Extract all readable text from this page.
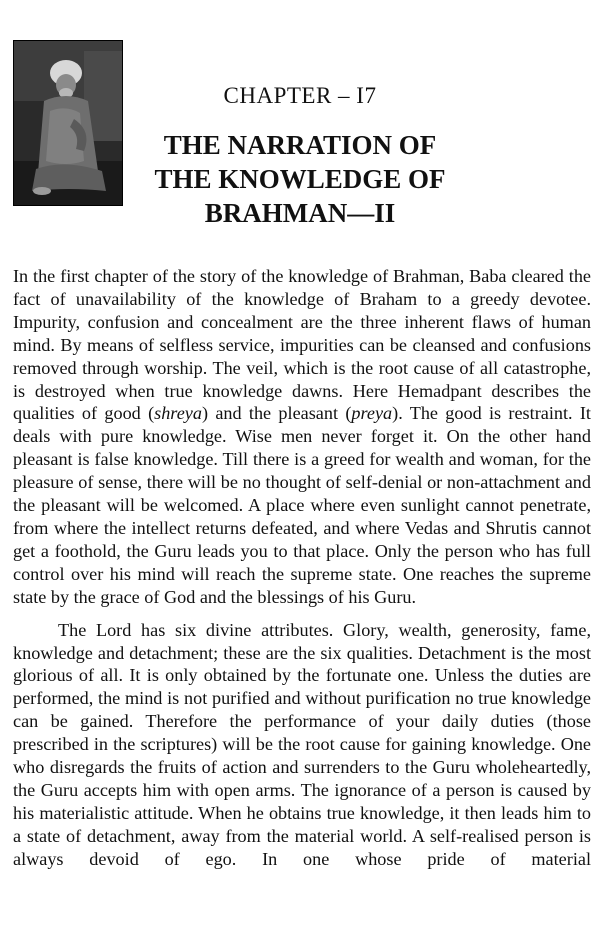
CHAPTER – I7
THE NARRATION OF
THE KNOWLEDGE OF
BRAHMAN—II

In the first chapter of the story of the knowledge of Brahman, Baba cleared the fact of unavailability of the knowledge of Braham to a greedy devotee. Impurity, confusion and concealment are the three inherent flaws of human mind. By means of selfless service, impurities can be cleansed and confusions removed through worship. The veil, which is the root cause of all catastrophe, is destroyed when true knowledge dawns. Here Hemadpant describes the qualities of good (shreya) and the pleasant (preya). The good is restraint. It deals with pure knowledge. Wise men never forget it. On the other hand pleasant is false knowledge. Till there is a greed for wealth and woman, for the pleasure of sense, there will be no thought of self-denial or non-attachment and the pleasant will be welcomed. A place where even sunlight cannot penetrate, from where the intellect returns defeated, and where Vedas and Shrutis cannot get a foothold, the Guru leads you to that place. Only the person who has full control over his mind will reach the supreme state. One reaches the supreme state by the grace of God and the blessings of his Guru.

The Lord has six divine attributes. Glory, wealth, generosity, fame, knowledge and detachment; these are the six qualities. Detachment is the most glorious of all. It is only obtained by the fortunate one. Unless the duties are performed, the mind is not purified and without purification no true knowledge can be gained. Therefore the performance of your daily duties (those prescribed in the scriptures) will be the root cause for gaining knowledge. One who disregards the fruits of action and surrenders to the Guru wholeheartedly, the Guru accepts him with open arms. The ignorance of a person is caused by his materialistic attitude. When he obtains true knowledge, it then leads him to a state of detachment, away from the material world. A self-realised person is always devoid of ego. In one whose pride of material
